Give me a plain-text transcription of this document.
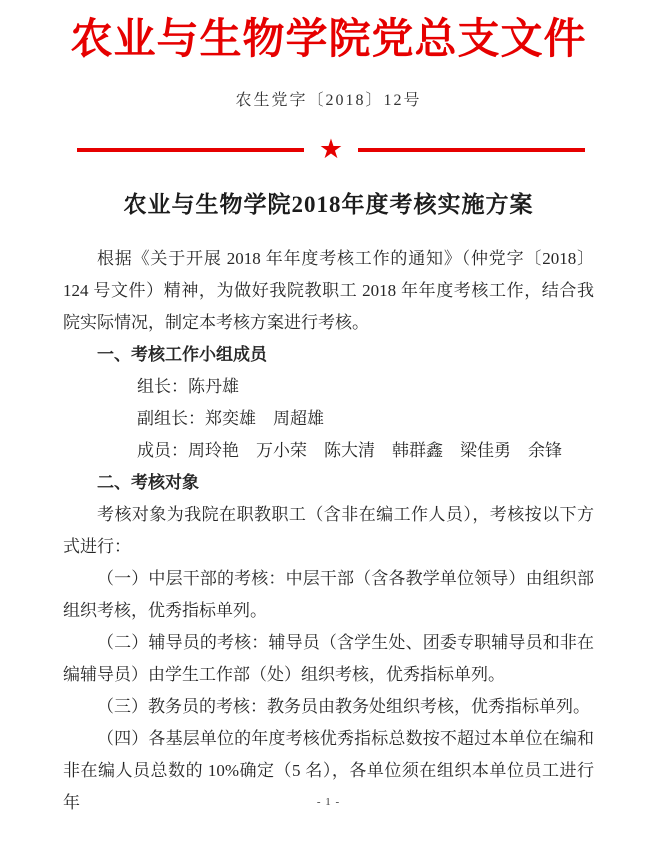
农业与生物学院党总支文件
农生党字〔2018〕12号
★
农业与生物学院2018年度考核实施方案

根据《关于开展 2018 年年度考核工作的通知》（仲党字〔2018〕124 号文件）精神，为做好我院教职工 2018 年年度考核工作，结合我院实际情况，制定本考核方案进行考核。

一、考核工作小组成员

组长：陈丹雄

副组长：郑奕雄　周超雄

成员：周玲艳　万小荣　陈大清　韩群鑫　梁佳勇　余锋

二、考核对象

考核对象为我院在职教职工（含非在编工作人员），考核按以下方式进行：

（一）中层干部的考核：中层干部（含各教学单位领导）由组织部组织考核，优秀指标单列。

（二）辅导员的考核：辅导员（含学生处、团委专职辅导员和非在编辅导员）由学生工作部（处）组织考核，优秀指标单列。

（三）教务员的考核：教务员由教务处组织考核，优秀指标单列。

（四）各基层单位的年度考核优秀指标总数按不超过本单位在编和非在编人员总数的 10%确定（5 名），各单位须在组织本单位员工进行年	- 1 -
